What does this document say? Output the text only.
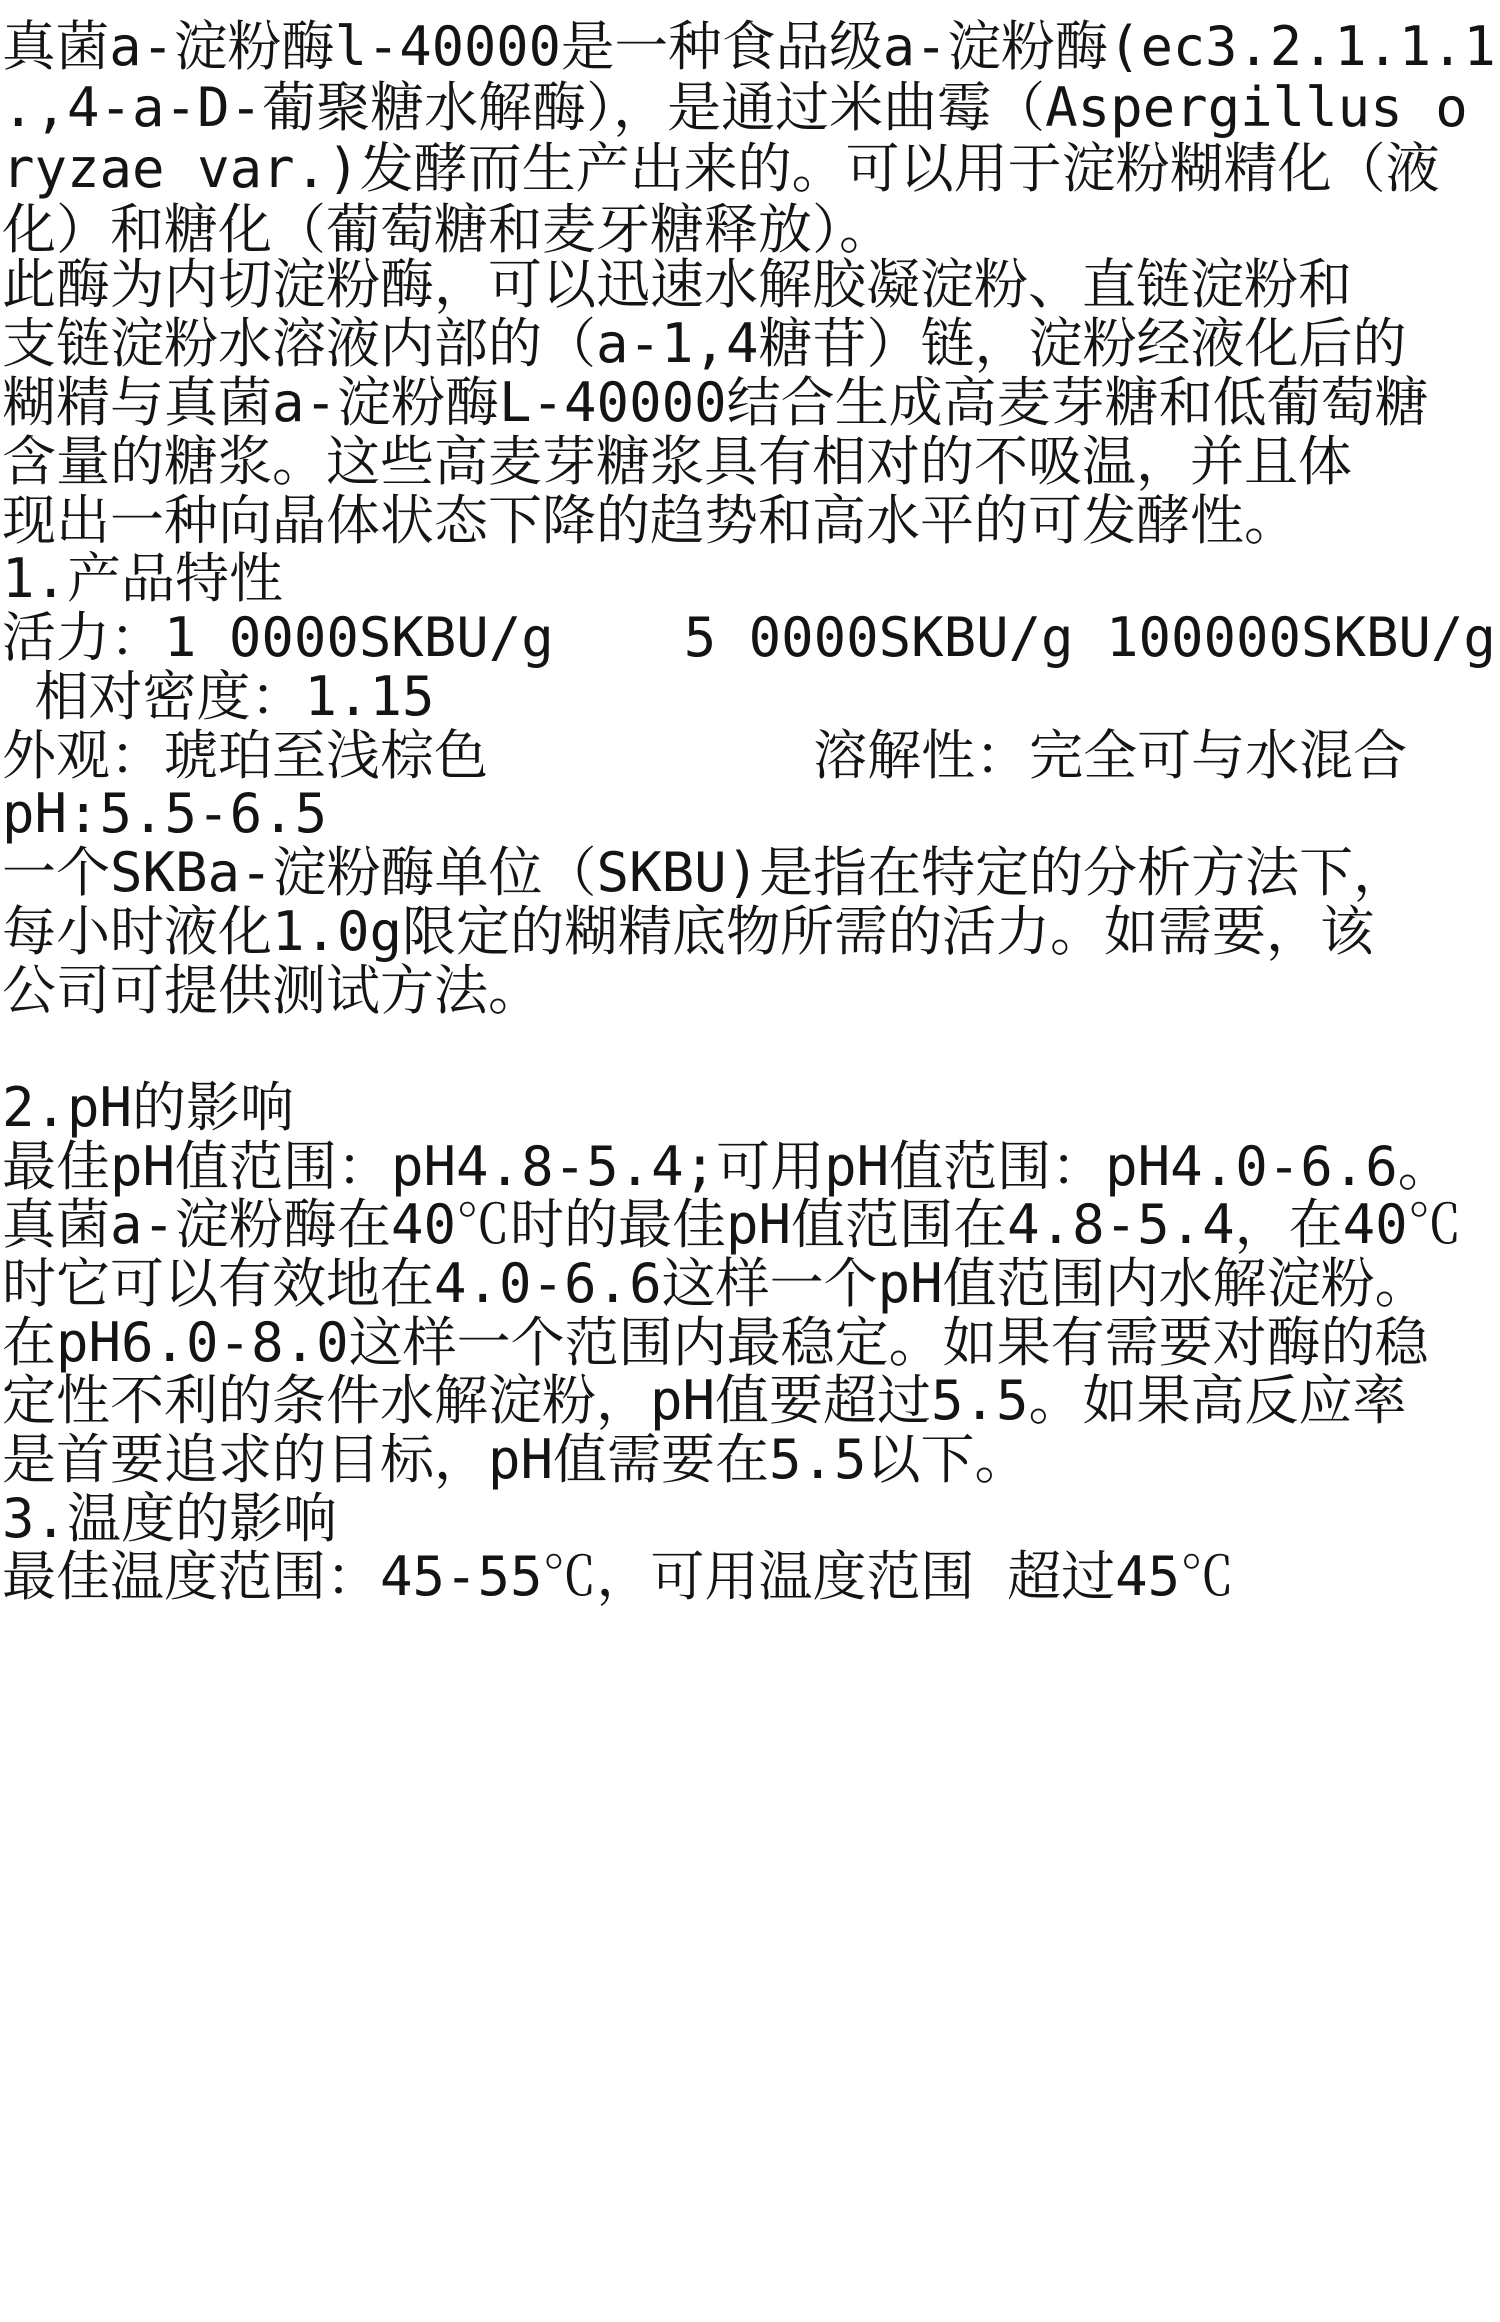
真菌a-淀粉酶l-40000是一种食品级a-淀粉酶(ec3.2.1.1.1
.,4-a-D-葡聚糖水解酶），是通过米曲霉（Aspergillus o
ryzae var.)发酵而生产出来的。可以用于淀粉糊精化（液
化）和糖化（葡萄糖和麦牙糖释放）。
此酶为内切淀粉酶，可以迅速水解胶凝淀粉、直链淀粉和
支链淀粉水溶液内部的（a-1,4糖苷）链，淀粉经液化后的
糊精与真菌a-淀粉酶L-40000结合生成高麦芽糖和低葡萄糖
含量的糖浆。这些高麦芽糖浆具有相对的不吸温，并且体
现出一种向晶体状态下降的趋势和高水平的可发酵性。
1.产品特性
活力：1 0000SKBU/g    5 0000SKBU/g 100000SKBU/g
相对密度：1.15
外观：琥珀至浅棕色          溶解性：完全可与水混合
pH:5.5-6.5
一个SKBa-淀粉酶单位（SKBU)是指在特定的分析方法下，
每小时液化1.0g限定的糊精底物所需的活力。如需要，该
公司可提供测试方法。
2.pH的影响
最佳pH值范围：pH4.8-5.4;可用pH值范围：pH4.0-6.6。
真菌a-淀粉酶在40℃时的最佳pH值范围在4.8-5.4，在40℃
时它可以有效地在4.0-6.6这样一个pH值范围内水解淀粉。
在pH6.0-8.0这样一个范围内最稳定。如果有需要对酶的稳
定性不利的条件水解淀粉，pH值要超过5.5。如果高反应率
是首要追求的目标，pH值需要在5.5以下。
3.温度的影响
最佳温度范围：45-55℃，可用温度范围 超过45℃
